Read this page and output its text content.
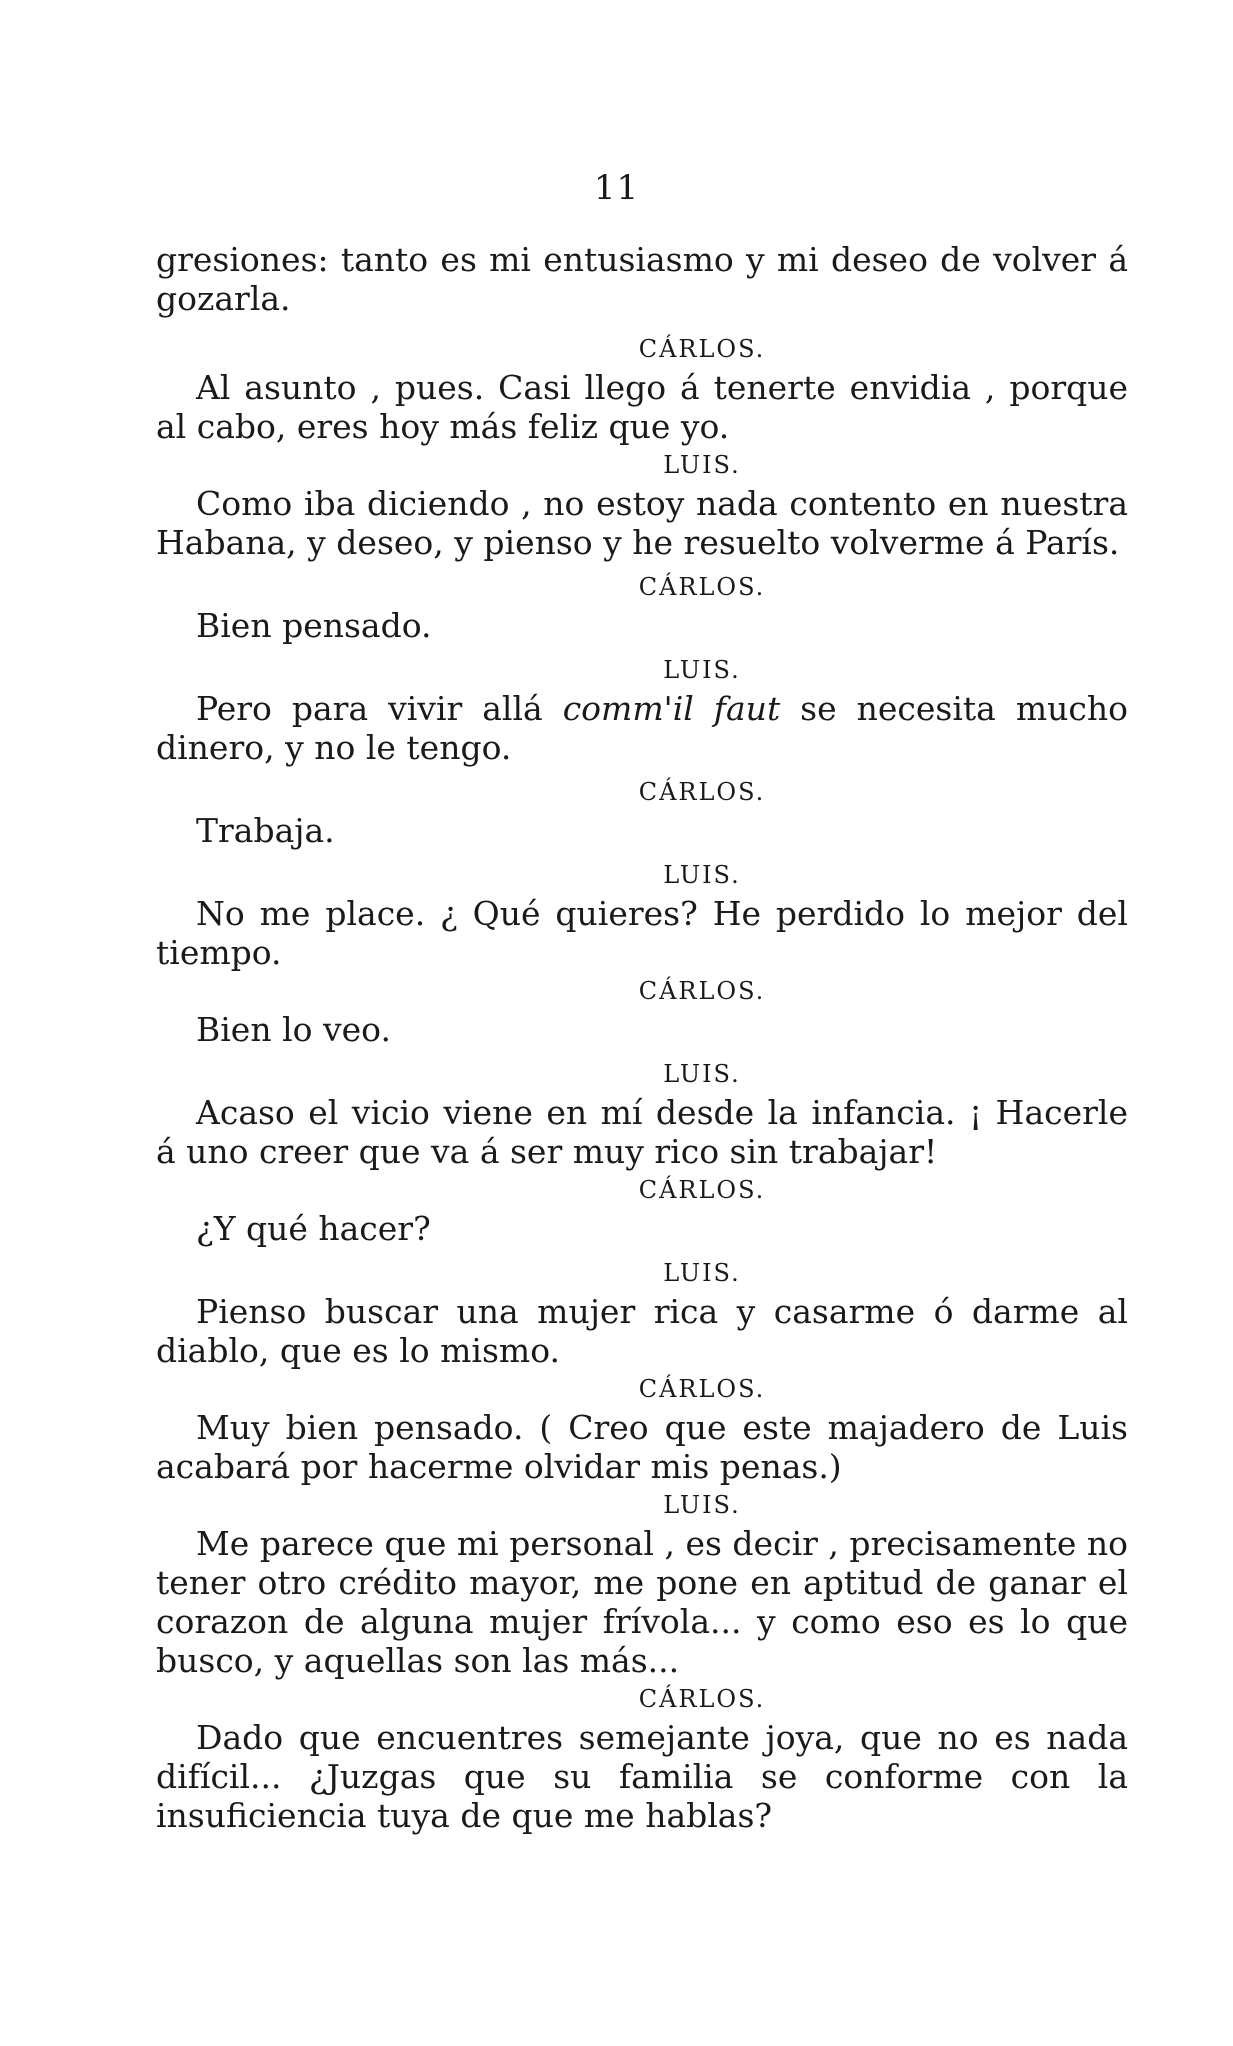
11

gresiones: tanto es mi entusiasmo y mi deseo de volver á gozarla.

CÁRLOS.

Al asunto , pues. Casi llego á tenerte envidia , porque al cabo, eres hoy más feliz que yo.

LUIS.

Como iba diciendo , no estoy nada contento en nuestra Habana, y deseo, y pienso y he resuelto volverme á París.

CÁRLOS.

Bien pensado.

LUIS.

Pero para vivir allá comm'il faut se necesita mucho dinero, y no le tengo.

CÁRLOS.

Trabaja.

LUIS.

No me place. ¿ Qué quieres? He perdido lo mejor del tiempo.

CÁRLOS.

Bien lo veo.

LUIS.

Acaso el vicio viene en mí desde la infancia. ¡ Hacerle á uno creer que va á ser muy rico sin trabajar!

CÁRLOS.

¿Y qué hacer?

LUIS.

Pienso buscar una mujer rica y casarme ó darme al diablo, que es lo mismo.

CÁRLOS.

Muy bien pensado. ( Creo que este majadero de Luis acabará por hacerme olvidar mis penas.)

LUIS.

Me parece que mi personal , es decir , precisamente no tener otro crédito mayor, me pone en aptitud de ganar el corazon de alguna mujer frívola... y como eso es lo que busco, y aquellas son las más...

CÁRLOS.

Dado que encuentres semejante joya, que no es nada difícil... ¿Juzgas que su familia se conforme con la insuficiencia tuya de que me hablas?
